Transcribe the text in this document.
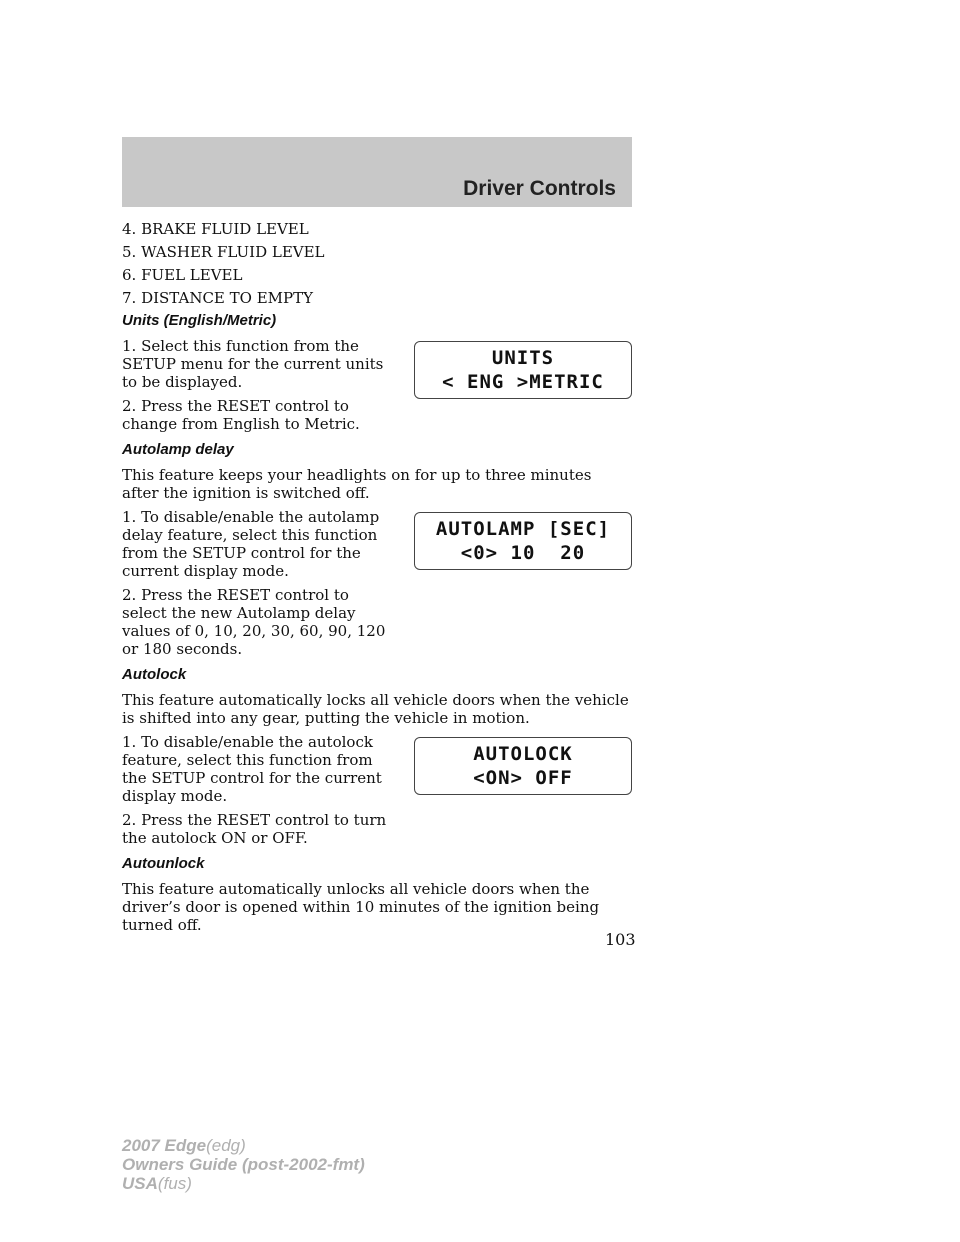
Driver Controls
4. BRAKE FLUID LEVEL
5. WASHER FLUID LEVEL
6. FUEL LEVEL
7. DISTANCE TO EMPTY
Units (English/Metric)
1. Select this function from the SETUP menu for the current units to be displayed.
2. Press the RESET control to change from English to Metric.
UNITS
< ENG >METRIC
Autolamp delay
This feature keeps your headlights on for up to three minutes after the ignition is switched off.
1. To disable/enable the autolamp delay feature, select this function from the SETUP control for the current display mode.
2. Press the RESET control to select the new Autolamp delay values of 0, 10, 20, 30, 60, 90, 120 or 180 seconds.
AUTOLAMP [SEC]
<0> 10  20
Autolock
This feature automatically locks all vehicle doors when the vehicle is shifted into any gear, putting the vehicle in motion.
1. To disable/enable the autolock feature, select this function from the SETUP control for the current display mode.
2. Press the RESET control to turn the autolock ON or OFF.
AUTOLOCK
<ON> OFF
Autounlock
This feature automatically unlocks all vehicle doors when the driver’s door is opened within 10 minutes of the ignition being turned off.
103
2007 Edge(edg)
Owners Guide (post-2002-fmt)
USA(fus)
